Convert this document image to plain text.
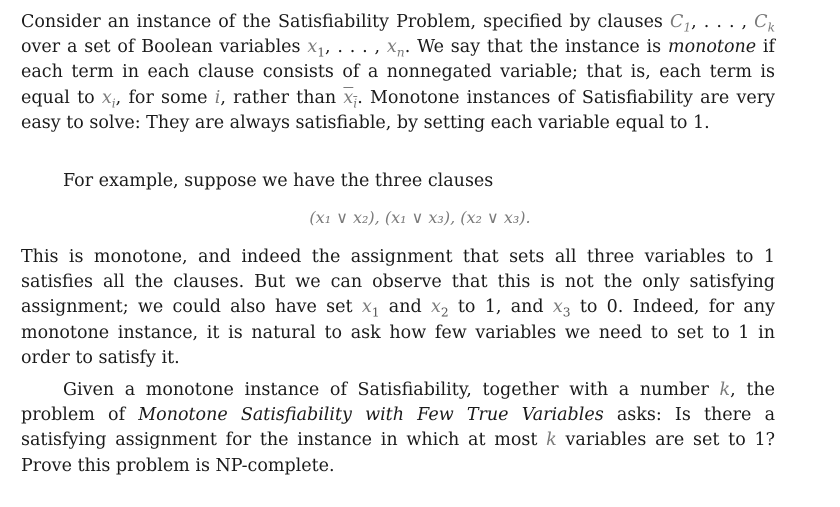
Consider an instance of the Satisfiability Problem, specified by clauses $C_1$, . . . , $C_k$ over a set of Boolean variables $x_1$, . . . , $x_n$. We say that the instance is monotone if each term in each clause consists of a nonnegated variable; that is, each term is equal to $x_i$, for some i, rather than $x_i$. Monotone instances of Satisfiability are very easy to solve: They are always satisfiable, by setting each variable equal to 1.

For example, suppose we have the three clauses

(x₁ ∨ x₂), (x₁ ∨ x₃), (x₂ ∨ x₃).

This is monotone, and indeed the assignment that sets all three variables to 1 satisfies all the clauses. But we can observe that this is not the only satisfying assignment; we could also have set $x_1$ and $x_2$ to 1, and $x_3$ to 0. Indeed, for any monotone instance, it is natural to ask how few variables we need to set to 1 in order to satisfy it.

Given a monotone instance of Satisfiability, together with a number k, the problem of Monotone Satisfiability with Few True Variables asks: Is there a satisfying assignment for the instance in which at most k variables are set to 1? Prove this problem is NP-complete.
